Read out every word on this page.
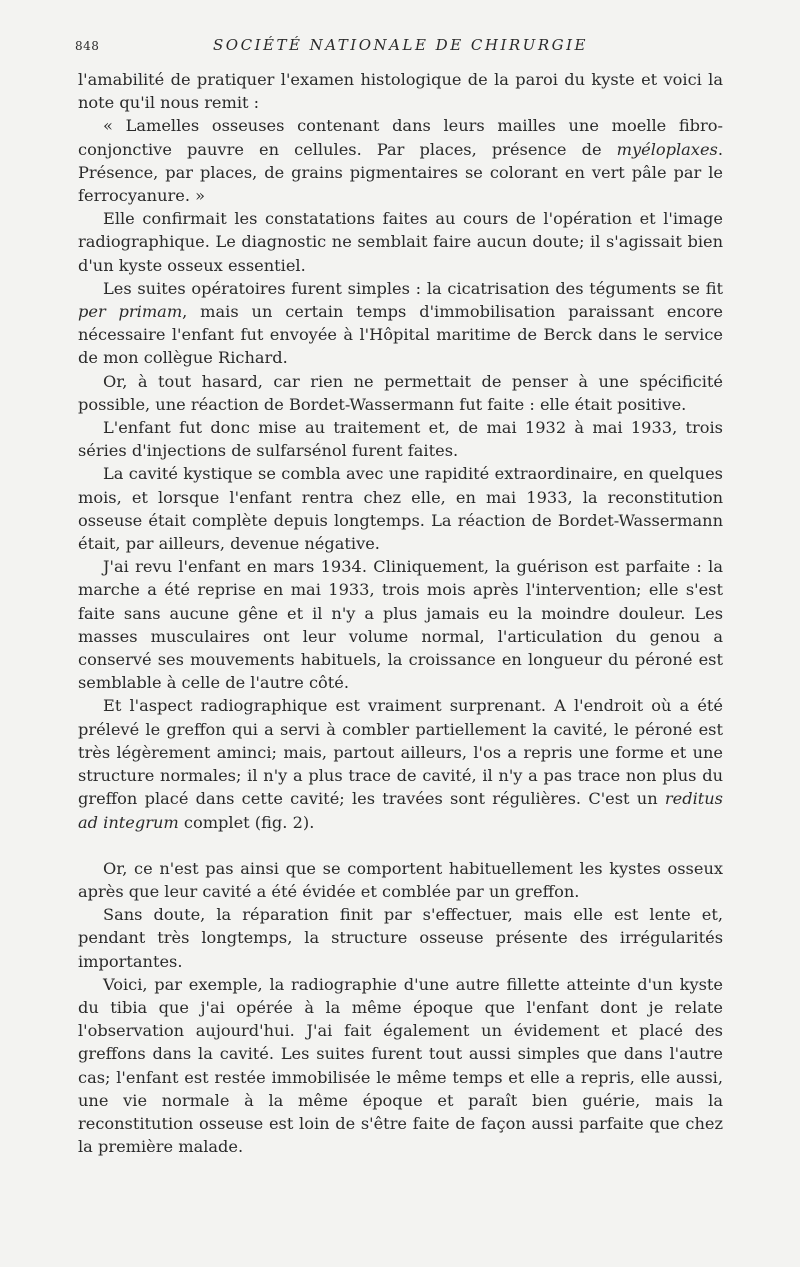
848	SOCIÉTÉ NATIONALE DE CHIRURGIE

l'amabilité de pratiquer l'examen histologique de la paroi du kyste et voici la note qu'il nous remit :

« Lamelles osseuses contenant dans leurs mailles une moelle fibro-conjonctive pauvre en cellules. Par places, présence de myéloplaxes. Présence, par places, de grains pigmentaires se colorant en vert pâle par le ferrocyanure. »

Elle confirmait les constatations faites au cours de l'opération et l'image radiographique. Le diagnostic ne semblait faire aucun doute; il s'agissait bien d'un kyste osseux essentiel.

Les suites opératoires furent simples : la cicatrisation des téguments se fit per primam, mais un certain temps d'immobilisation paraissant encore nécessaire l'enfant fut envoyée à l'Hôpital maritime de Berck dans le service de mon collègue Richard.

Or, à tout hasard, car rien ne permettait de penser à une spécificité possible, une réaction de Bordet-Wassermann fut faite : elle était positive.

L'enfant fut donc mise au traitement et, de mai 1932 à mai 1933, trois séries d'injections de sulfarsénol furent faites.

La cavité kystique se combla avec une rapidité extraordinaire, en quelques mois, et lorsque l'enfant rentra chez elle, en mai 1933, la reconstitution osseuse était complète depuis longtemps. La réaction de Bordet-Wassermann était, par ailleurs, devenue négative.

J'ai revu l'enfant en mars 1934. Cliniquement, la guérison est parfaite : la marche a été reprise en mai 1933, trois mois après l'intervention; elle s'est faite sans aucune gêne et il n'y a plus jamais eu la moindre douleur. Les masses musculaires ont leur volume normal, l'articulation du genou a conservé ses mouvements habituels, la croissance en longueur du péroné est semblable à celle de l'autre côté.

Et l'aspect radiographique est vraiment surprenant. A l'endroit où a été prélevé le greffon qui a servi à combler partiellement la cavité, le péroné est très légèrement aminci; mais, partout ailleurs, l'os a repris une forme et une structure normales; il n'y a plus trace de cavité, il n'y a pas trace non plus du greffon placé dans cette cavité; les travées sont régulières. C'est un reditus ad integrum complet (fig. 2).

Or, ce n'est pas ainsi que se comportent habituellement les kystes osseux après que leur cavité a été évidée et comblée par un greffon.

Sans doute, la réparation finit par s'effectuer, mais elle est lente et, pendant très longtemps, la structure osseuse présente des irrégularités importantes.

Voici, par exemple, la radiographie d'une autre fillette atteinte d'un kyste du tibia que j'ai opérée à la même époque que l'enfant dont je relate l'observation aujourd'hui. J'ai fait également un évidement et placé des greffons dans la cavité. Les suites furent tout aussi simples que dans l'autre cas; l'enfant est restée immobilisée le même temps et elle a repris, elle aussi, une vie normale à la même époque et paraît bien guérie, mais la reconstitution osseuse est loin de s'être faite de façon aussi parfaite que chez la première malade.
